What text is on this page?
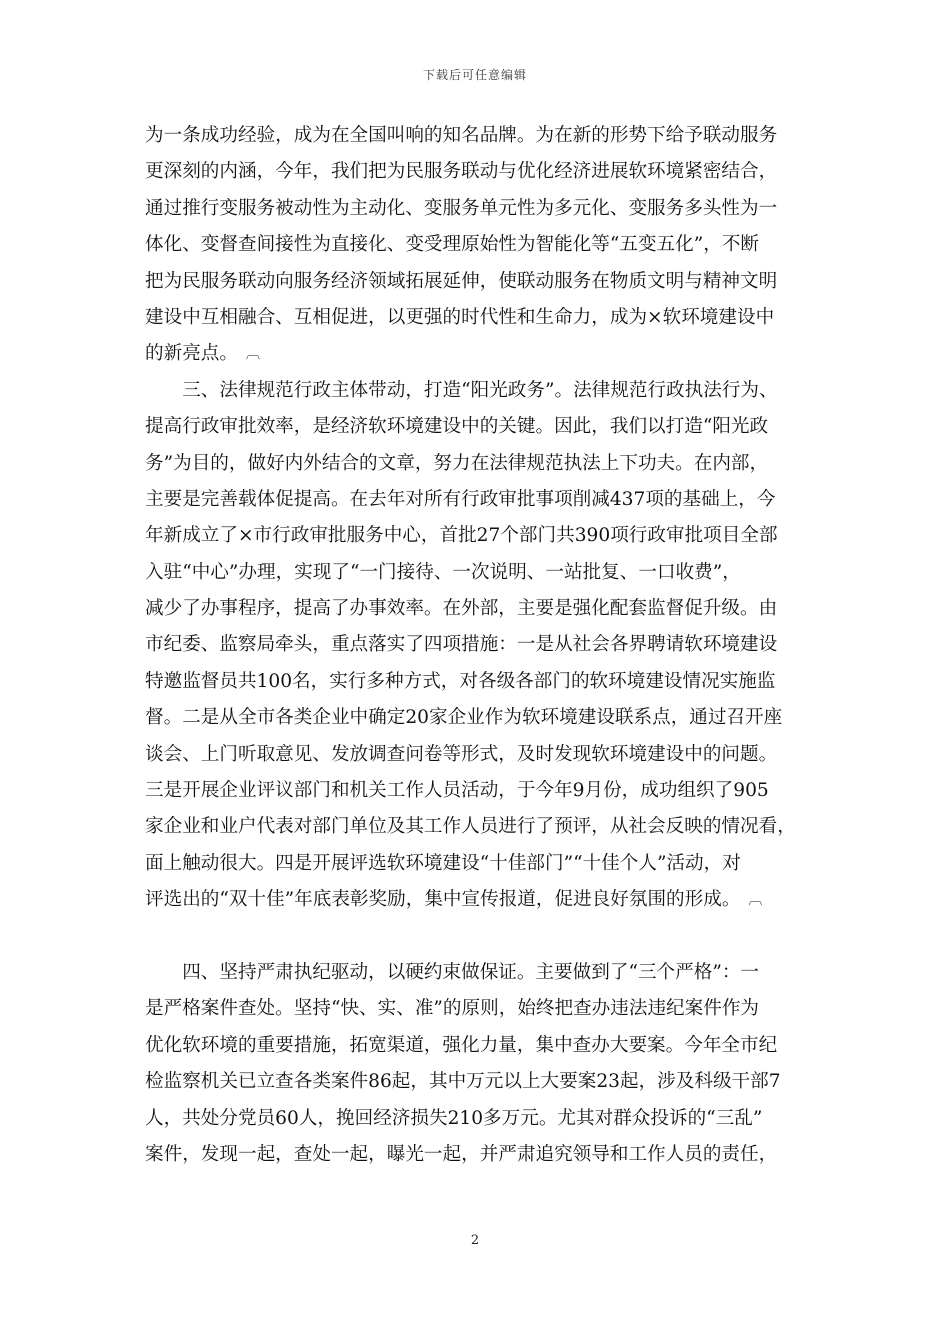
下载后可任意编辑
为一条成功经验，成为在全国叫响的知名品牌。为在新的形势下给予联动服务
更深刻的内涵，今年，我们把为民服务联动与优化经济进展软环境紧密结合，
通过推行变服务被动性为主动化、变服务单元性为多元化、变服务多头性为一
体化、变督查间接性为直接化、变受理原始性为智能化等“五变五化”，不断
把为民服务联动向服务经济领域拓展延伸，使联动服务在物质文明与精神文明
建设中互相融合、互相促进，以更强的时代性和生命力，成为×软环境建设中
的新亮点。 ︹
　　三、法律规范行政主体带动，打造“阳光政务”。法律规范行政执法行为、
提高行政审批效率，是经济软环境建设中的关键。因此，我们以打造“阳光政
务”为目的，做好内外结合的文章，努力在法律规范执法上下功夫。在内部，
主要是完善载体促提高。在去年对所有行政审批事项削减437项的基础上，今
年新成立了×市行政审批服务中心，首批27个部门共390项行政审批项目全部
入驻“中心”办理，实现了“一门接待、一次说明、一站批复、一口收费”，
减少了办事程序，提高了办事效率。在外部，主要是强化配套监督促升级。由
市纪委、监察局牵头，重点落实了四项措施：一是从社会各界聘请软环境建设
特邀监督员共100名，实行多种方式，对各级各部门的软环境建设情况实施监
督。二是从全市各类企业中确定20家企业作为软环境建设联系点，通过召开座
谈会、上门听取意见、发放调查问卷等形式，及时发现软环境建设中的问题。
三是开展企业评议部门和机关工作人员活动，于今年9月份，成功组织了905
家企业和业户代表对部门单位及其工作人员进行了预评，从社会反映的情况看，
面上触动很大。四是开展评选软环境建设“十佳部门”“十佳个人”活动，对
评选出的“双十佳”年底表彰奖励，集中宣传报道，促进良好氛围的形成。 ︹
　　四、坚持严肃执纪驱动，以硬约束做保证。主要做到了“三个严格”：一
是严格案件查处。坚持“快、实、准”的原则，始终把查办违法违纪案件作为
优化软环境的重要措施，拓宽渠道，强化力量，集中查办大要案。今年全市纪
检监察机关已立查各类案件86起，其中万元以上大要案23起，涉及科级干部7
人，共处分党员60人，挽回经济损失210多万元。尤其对群众投诉的“三乱”
案件，发现一起，查处一起，曝光一起，并严肃追究领导和工作人员的责任，
2
